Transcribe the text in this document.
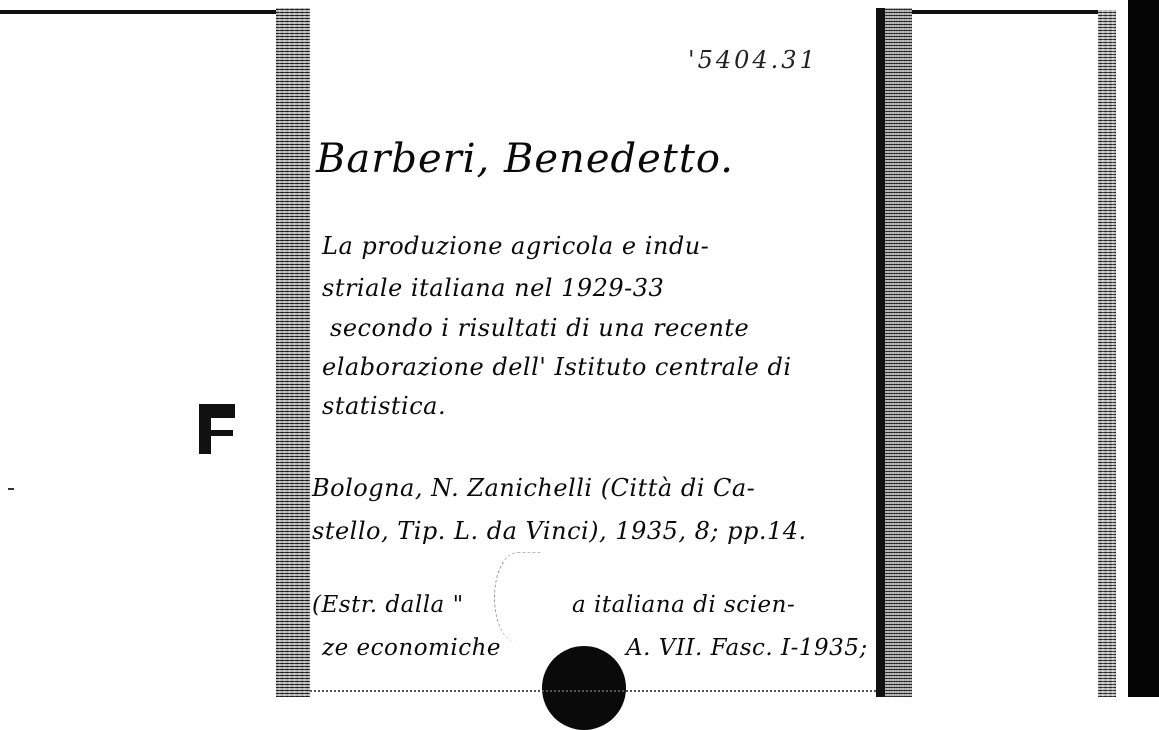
'5404.31
Barberi, Benedetto.
La produzione agricola e indu-
striale italiana nel 1929-33
secondo i risultati di una recente
elaborazione dell' Istituto centrale di
statistica.
Bologna, N. Zanichelli (Città di Ca-
stello, Tip. L. da Vinci), 1935, 8; pp.14.
(Estr. dalla "	a italiana di scien-
ze economiche	A. VII. Fasc. I-1935;
